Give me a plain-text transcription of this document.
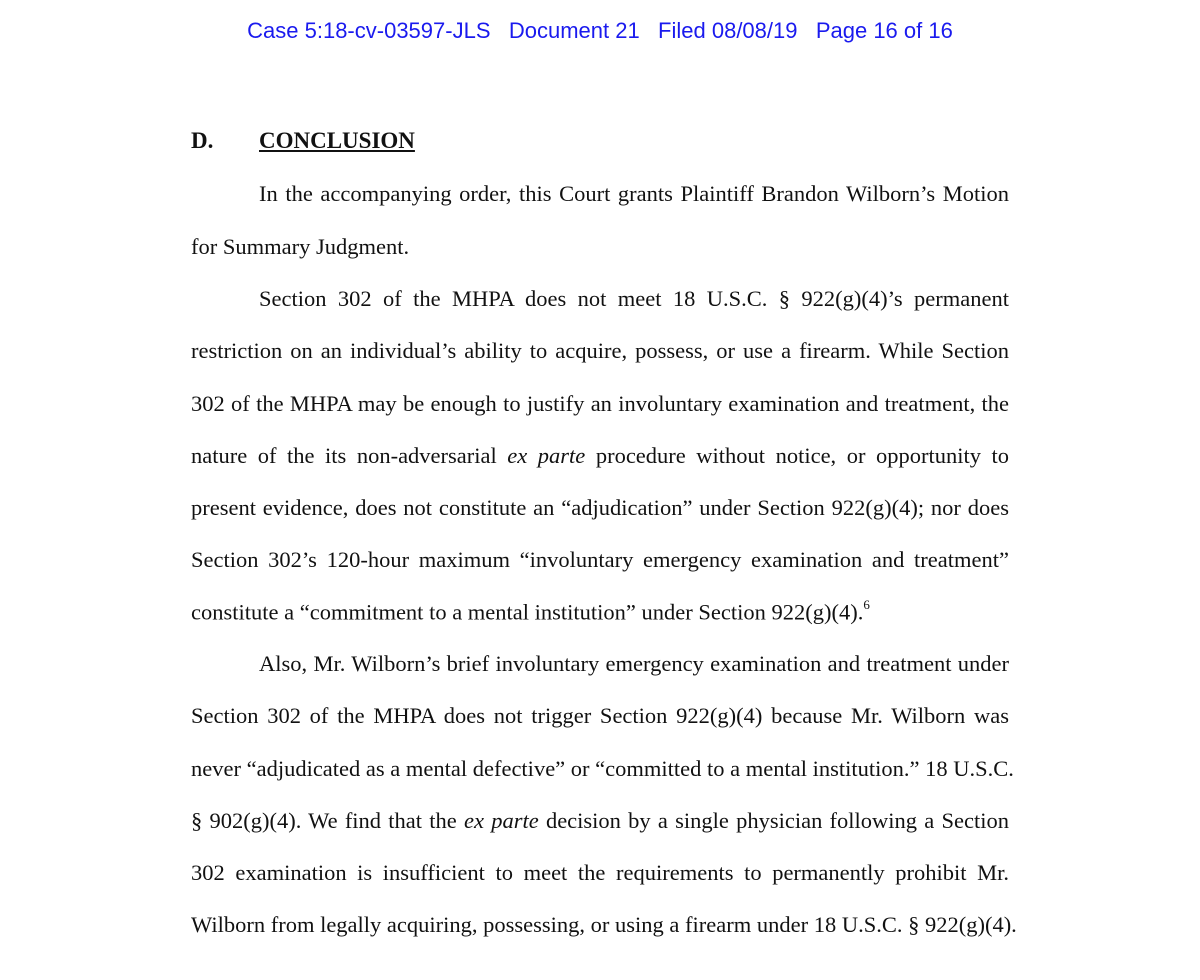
Case 5:18-cv-03597-JLS Document 21 Filed 08/08/19 Page 16 of 16
D. CONCLUSION
In the accompanying order, this Court grants Plaintiff Brandon Wilborn’s Motion
for Summary Judgment.
Section 302 of the MHPA does not meet 18 U.S.C. § 922(g)(4)’s permanent
restriction on an individual’s ability to acquire, possess, or use a firearm. While Section
302 of the MHPA may be enough to justify an involuntary examination and treatment, the
nature of the its non-adversarial ex parte procedure without notice, or opportunity to
present evidence, does not constitute an “adjudication” under Section 922(g)(4); nor does
Section 302’s 120-hour maximum “involuntary emergency examination and treatment”
constitute a “commitment to a mental institution” under Section 922(g)(4).$^6$
Also, Mr. Wilborn’s brief involuntary emergency examination and treatment under
Section 302 of the MHPA does not trigger Section 922(g)(4) because Mr. Wilborn was
never “adjudicated as a mental defective” or “committed to a mental institution.” 18 U.S.C.
§ 902(g)(4). We find that the ex parte decision by a single physician following a Section
302 examination is insufficient to meet the requirements to permanently prohibit Mr.
Wilborn from legally acquiring, possessing, or using a firearm under 18 U.S.C. § 922(g)(4).
